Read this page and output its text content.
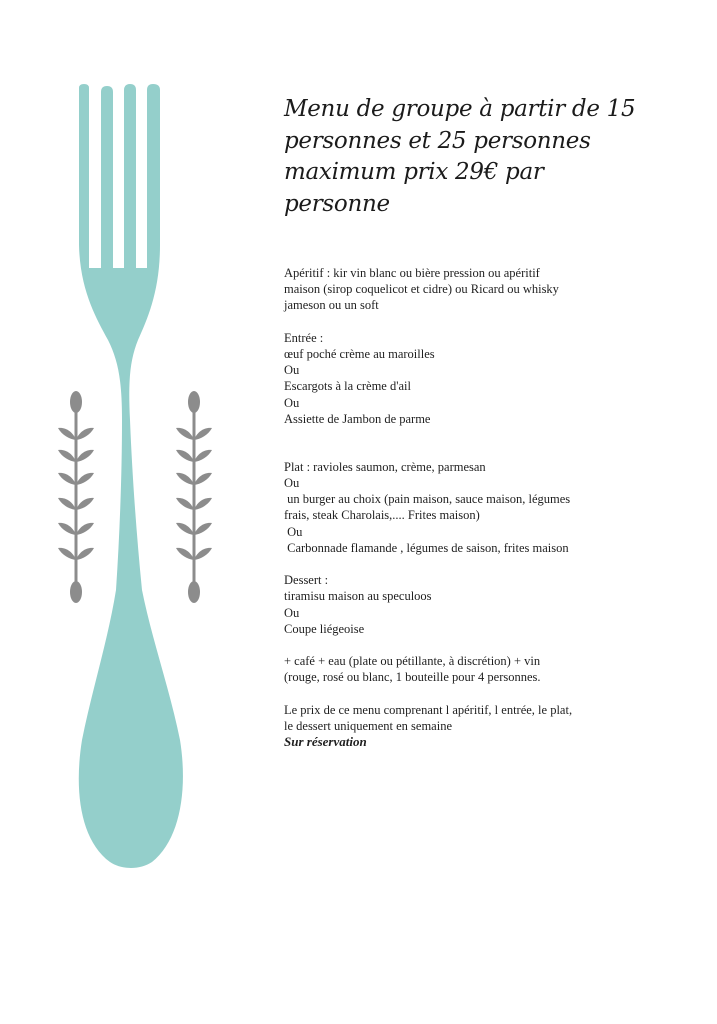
Menu de groupe à partir de 15
personnes et 25 personnes
maximum prix 29€ par
personne
Apéritif : kir vin blanc ou bière pression ou apéritif
maison (sirop coquelicot et cidre) ou Ricard ou whisky
jameson ou un soft
Entrée :
œuf poché crème au maroilles
Ou
Escargots à la crème d'ail
Ou
Assiette de Jambon de parme
Plat : ravioles saumon, crème, parmesan
Ou
un burger au choix (pain maison, sauce maison, légumes
frais, steak Charolais,.... Frites maison)
Ou
Carbonnade flamande , légumes de saison, frites maison
Dessert :
tiramisu maison au speculoos
Ou
Coupe liégeoise
+ café + eau (plate ou pétillante, à discrétion) + vin
(rouge, rosé ou blanc, 1 bouteille pour 4 personnes.
Le prix de ce menu comprenant l apéritif, l entrée, le plat,
le dessert uniquement en semaine
Sur réservation
